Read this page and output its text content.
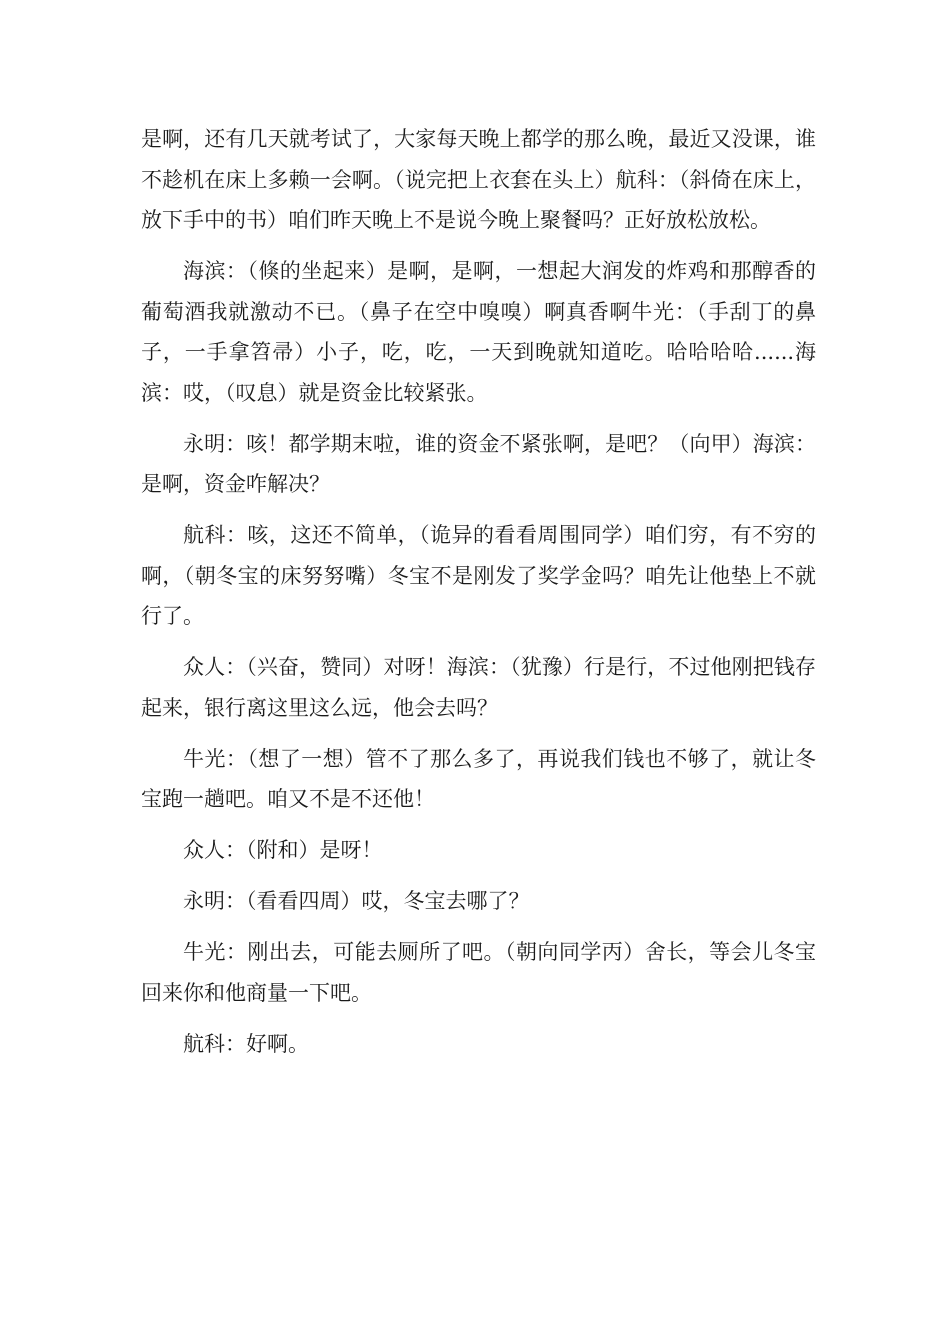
是啊，还有几天就考试了，大家每天晚上都学的那么晚，最近又没课，谁不趁机在床上多赖一会啊。（说完把上衣套在头上）航科：（斜倚在床上，放下手中的书）咱们昨天晚上不是说今晚上聚餐吗？正好放松放松。

海滨：（倏的坐起来）是啊，是啊，一想起大润发的炸鸡和那醇香的葡萄酒我就激动不已。（鼻子在空中嗅嗅）啊真香啊牛光：（手刮丁的鼻子，一手拿笤帚）小子，吃，吃，一天到晚就知道吃。哈哈哈哈......海滨：哎，（叹息）就是资金比较紧张。

永明：咳！都学期末啦，谁的资金不紧张啊，是吧？（向甲）海滨：是啊，资金咋解决？

航科：咳，这还不简单，（诡异的看看周围同学）咱们穷，有不穷的啊，（朝冬宝的床努努嘴）冬宝不是刚发了奖学金吗？咱先让他垫上不就行了。

众人：（兴奋，赞同）对呀！海滨：（犹豫）行是行，不过他刚把钱存起来，银行离这里这么远，他会去吗？

牛光：（想了一想）管不了那么多了，再说我们钱也不够了，就让冬宝跑一趟吧。咱又不是不还他！

众人：（附和）是呀！

永明：（看看四周）哎，冬宝去哪了？

牛光：刚出去，可能去厕所了吧。（朝向同学丙）舍长，等会儿冬宝回来你和他商量一下吧。

航科：好啊。
